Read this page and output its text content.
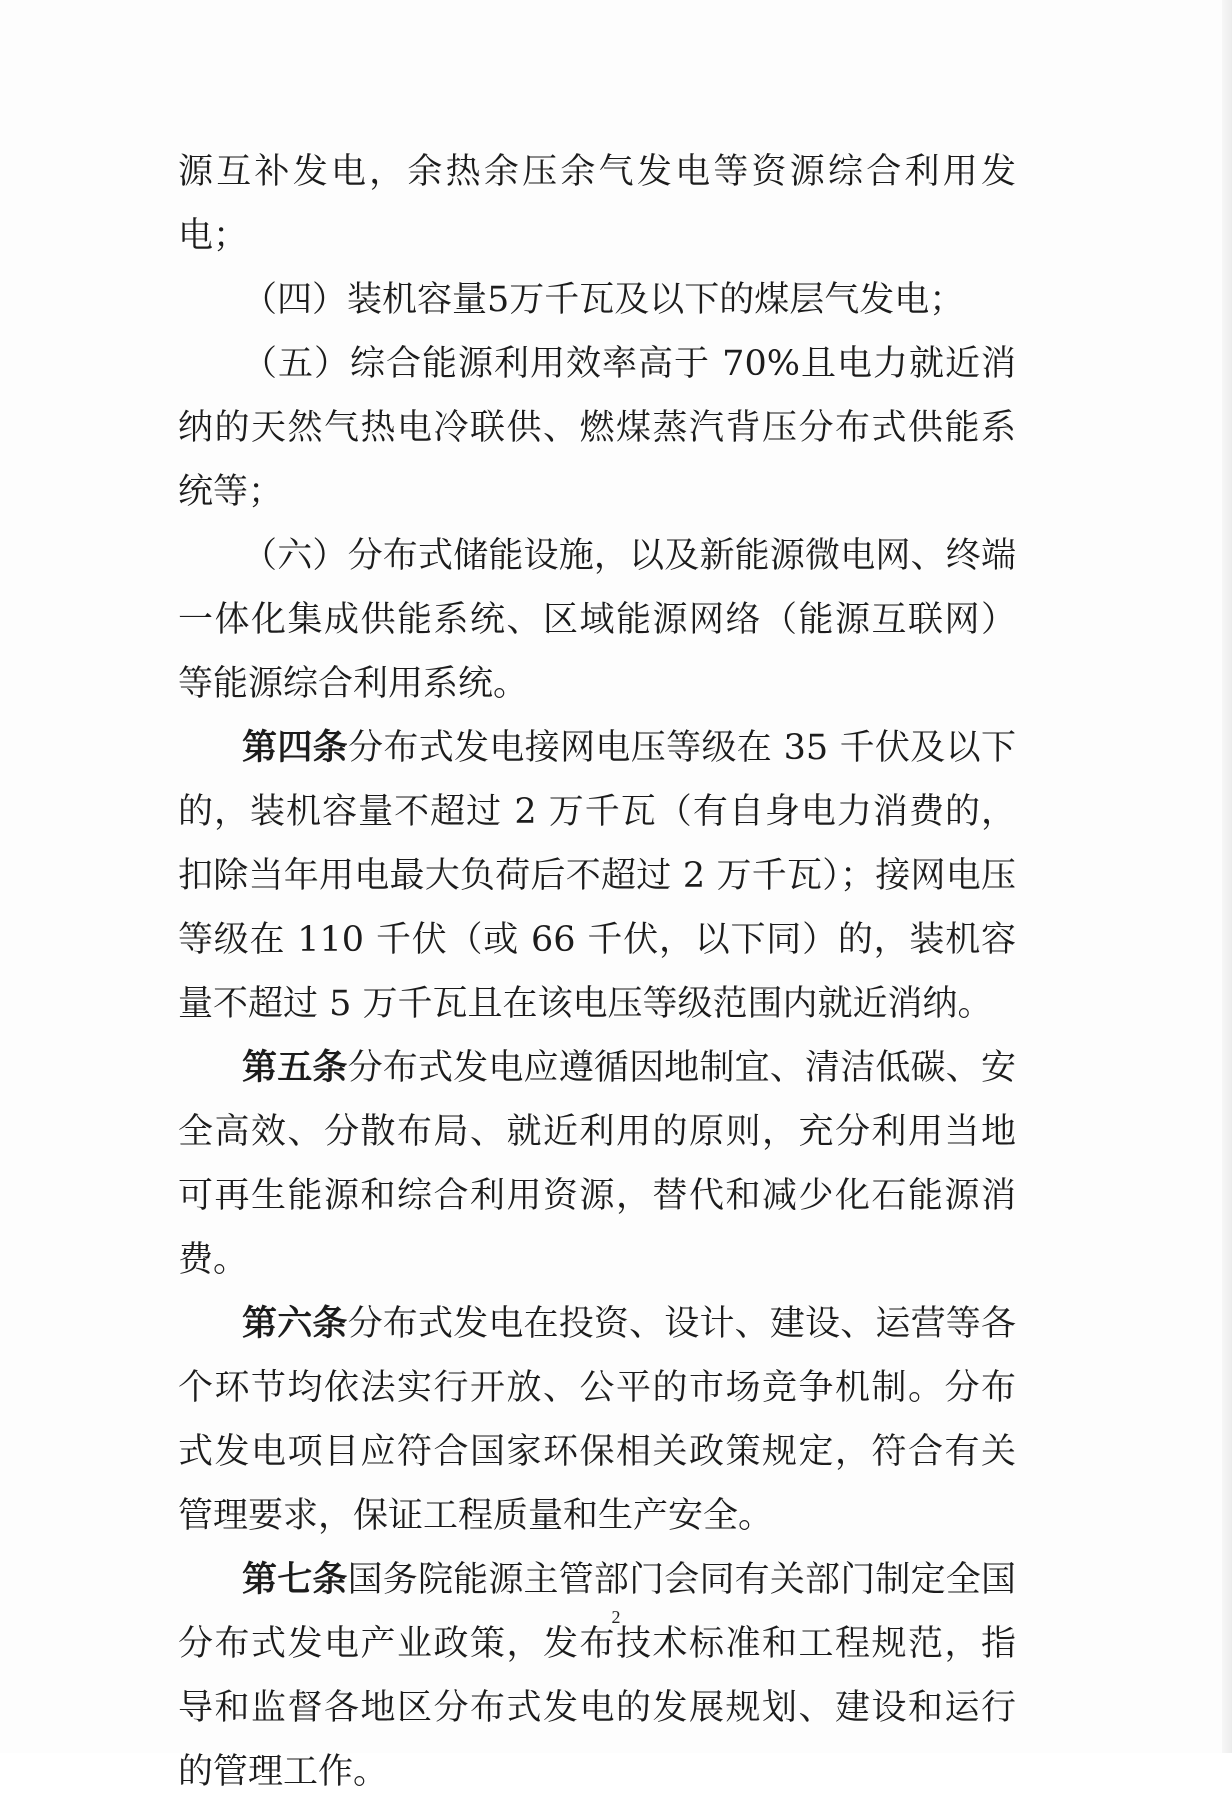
源互补发电，余热余压余气发电等资源综合利用发电；

（四）装机容量5万千瓦及以下的煤层气发电；

（五）综合能源利用效率高于 70%且电力就近消纳的天然气热电冷联供、燃煤蒸汽背压分布式供能系统等；

（六）分布式储能设施，以及新能源微电网、终端一体化集成供能系统、区域能源网络（能源互联网）等能源综合利用系统。

第四条分布式发电接网电压等级在 35 千伏及以下的，装机容量不超过 2 万千瓦（有自身电力消费的，扣除当年用电最大负荷后不超过 2 万千瓦）；接网电压等级在 110 千伏（或 66 千伏，以下同）的，装机容量不超过 5 万千瓦且在该电压等级范围内就近消纳。

第五条分布式发电应遵循因地制宜、清洁低碳、安全高效、分散布局、就近利用的原则，充分利用当地可再生能源和综合利用资源，替代和减少化石能源消费。

第六条分布式发电在投资、设计、建设、运营等各个环节均依法实行开放、公平的市场竞争机制。分布式发电项目应符合国家环保相关政策规定，符合有关管理要求，保证工程质量和生产安全。

第七条国务院能源主管部门会同有关部门制定全国分布式发电产业政策，发布技术标准和工程规范，指导和监督各地区分布式发电的发展规划、建设和运行的管理工作。

2
